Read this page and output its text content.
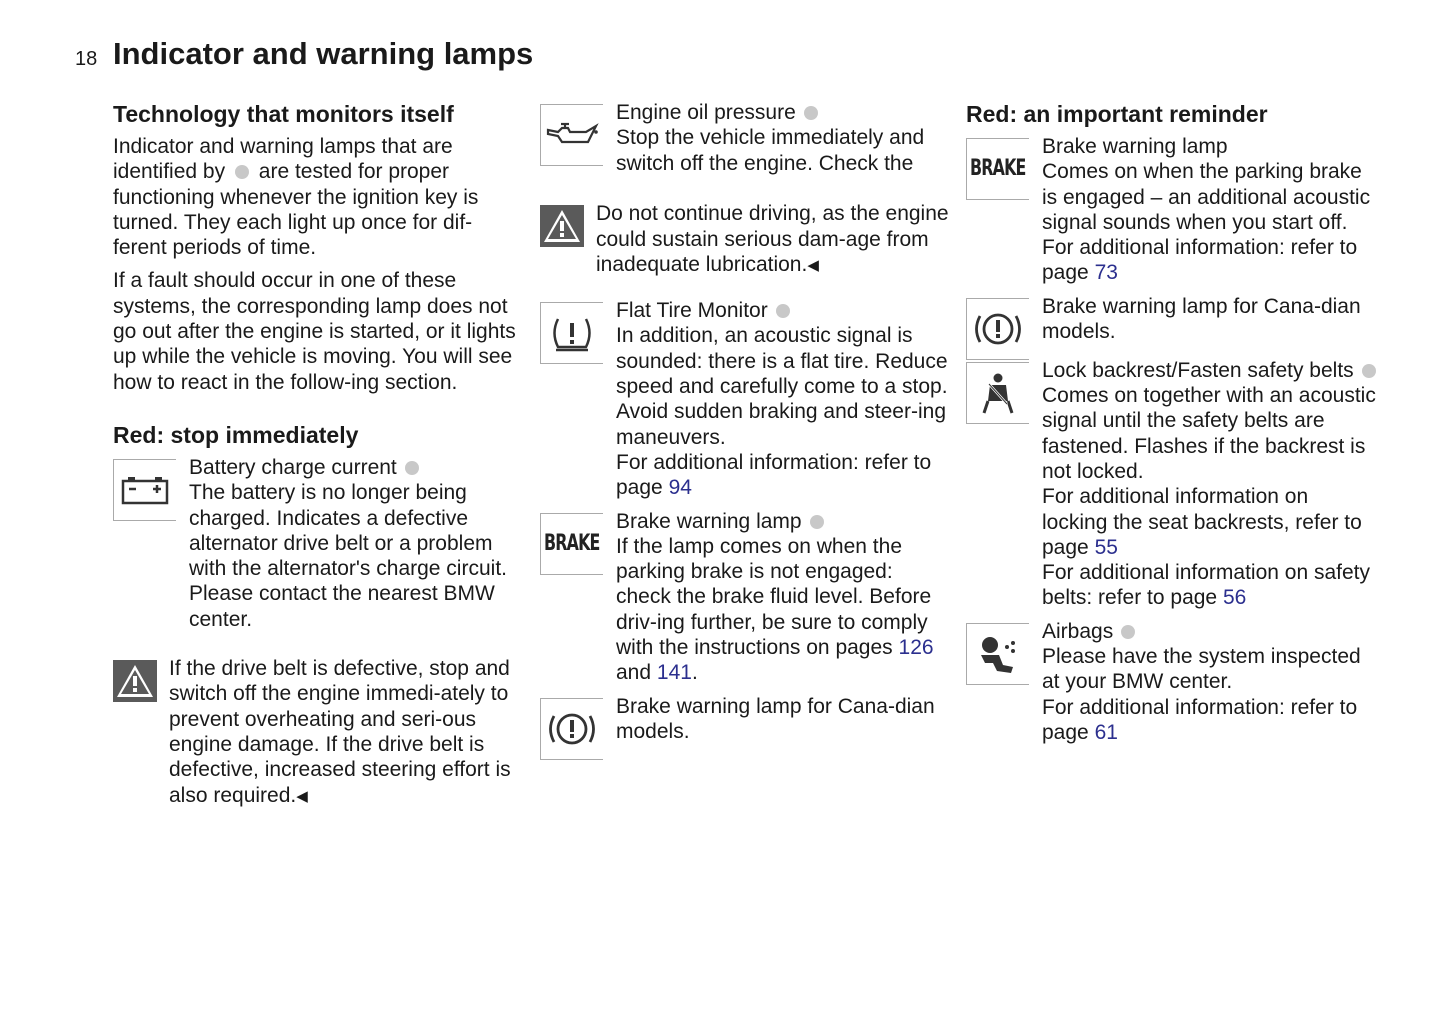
18 Indicator and warning lamps
Technology that monitors itself

Indicator and warning lamps that are identified by are tested for proper functioning whenever the ignition key is turned. They each light up once for dif-ferent periods of time.

If a fault should occur in one of these systems, the corresponding lamp does not go out after the engine is started, or it lights up while the vehicle is moving. You will see how to react in the follow-ing section.

Red: stop immediately
Battery charge current
The battery is no longer being charged. Indicates a defective alternator drive belt or a problem with the alternator's charge circuit. Please contact the nearest BMW center.
If the drive belt is defective, stop and switch off the engine immedi-ately to prevent overheating and seri-ous engine damage. If the drive belt is defective, increased steering effort is also required.◀
Engine oil pressure
Stop the vehicle immediately and switch off the engine. Check the
Do not continue driving, as the engine could sustain serious dam-age from inadequate lubrication.◀
Flat Tire Monitor
In addition, an acoustic signal is sounded: there is a flat tire. Reduce speed and carefully come to a stop. Avoid sudden braking and steer-ing maneuvers.
For additional information: refer to page 94
BRAKE
Brake warning lamp
If the lamp comes on when the parking brake is not engaged: check the brake fluid level. Before driv-ing further, be sure to comply with the instructions on pages 126 and 141.
Brake warning lamp for Cana-dian models.
Red: an important reminder
BRAKE
Brake warning lamp
Comes on when the parking brake is engaged – an additional acoustic signal sounds when you start off.
For additional information: refer to page 73
Brake warning lamp for Cana-dian models.
Lock backrest/Fasten safety belts
Comes on together with an acoustic signal until the safety belts are fastened. Flashes if the backrest is not locked.
For additional information on locking the seat backrests, refer to page 55
For additional information on safety belts: refer to page 56
Airbags
Please have the system inspected at your BMW center.
For additional information: refer to page 61
